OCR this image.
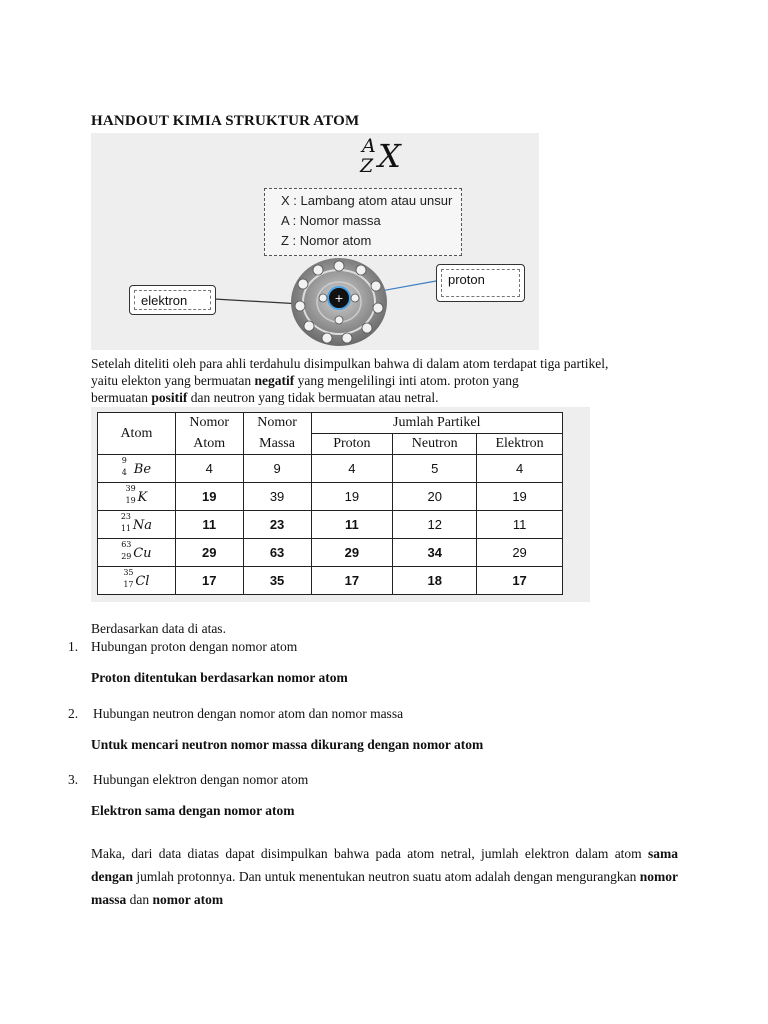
HANDOUT KIMIA STRUKTUR ATOM
A
Z X
X : Lambang atom atau unsur
A : Nomor massa
Z : Nomor atom
+
elektron
proton

Setelah diteliti oleh para ahli terdahulu disimpulkan bahwa di dalam atom terdapat tiga partikel,

yaitu elekton yang bermuatan negatif yang mengelilingi inti atom. proton yang

bermuatan positif dan neutron yang tidak bermuatan atau netral.

Atom	Nomor	Nomor	Jumlah Partikel		
	Atom	Massa	Proton	Neutron	Elektron

9
4 Be	4	9	4	5	4

39
19 K	19	39	19	20	19

23
11 Na	11	23	11	12	11

63
29 Cu	29	63	29	34	29

35
17 Cl	17	35	17	18	17
Berdasarkan data di atas.
1. Hubungan proton dengan nomor atom
Proton ditentukan berdasarkan nomor atom
2. Hubungan neutron dengan nomor atom dan nomor massa
Untuk mencari neutron nomor massa dikurang dengan nomor atom
3. Hubungan elektron dengan nomor atom
Elektron sama dengan nomor atom
Maka, dari data diatas dapat disimpulkan bahwa pada atom netral, jumlah elektron dalam atom sama dengan jumlah protonnya. Dan untuk menentukan neutron suatu atom adalah dengan mengurangkan nomor massa dan nomor atom
